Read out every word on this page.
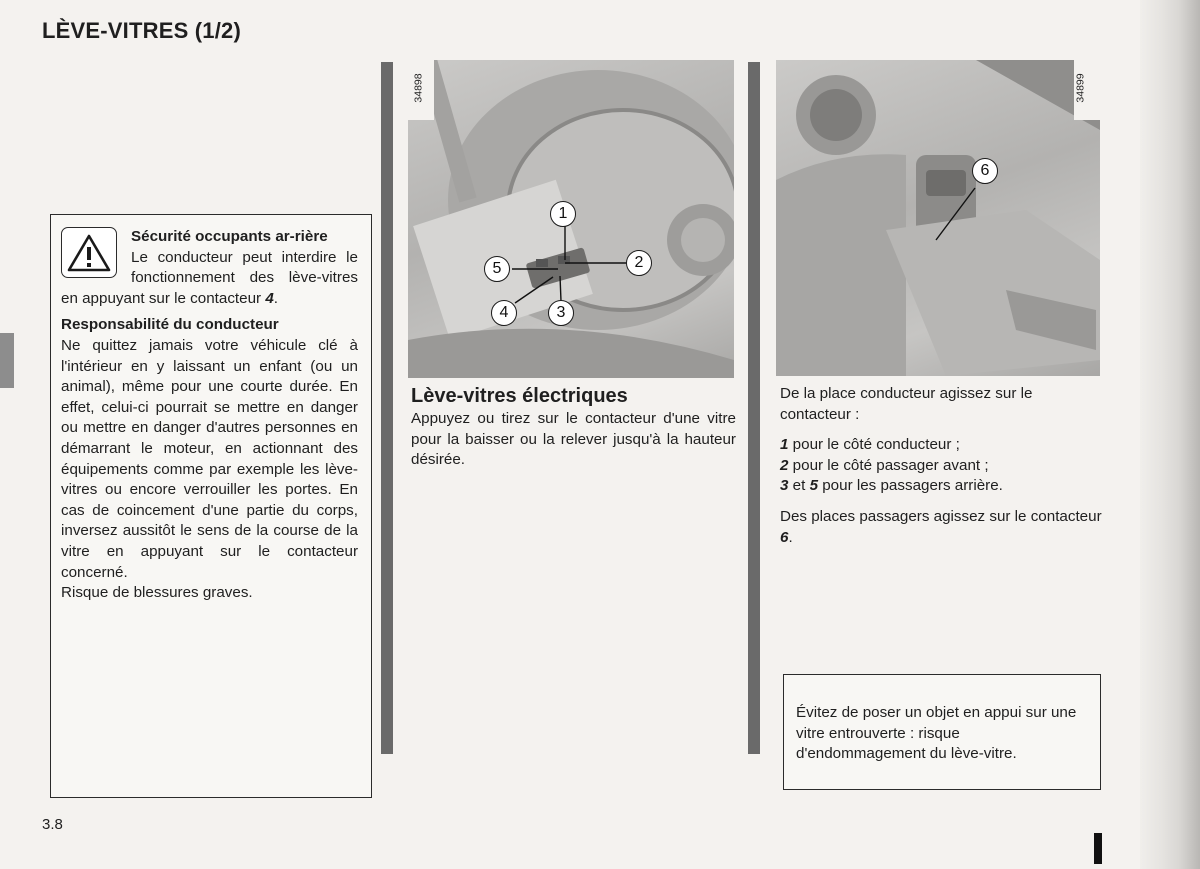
LÈVE-VITRES (1/2)
Sécurité occupants ar-rière
Le conducteur peut interdire le fonctionnement des lève-vitres en appuyant sur le contacteur 4.
Responsabilité du conducteur
Ne quittez jamais votre véhicule clé à l'intérieur en y laissant un enfant (ou un animal), même pour une courte durée. En effet, celui-ci pourrait se mettre en danger ou mettre en danger d'autres personnes en démarrant le moteur, en actionnant des équipements comme par exemple les lève-vitres ou encore verrouiller les portes. En cas de coincement d'une partie du corps, inversez aussitôt le sens de la course de la vitre en appuyant sur le contacteur concerné.
Risque de blessures graves.
34898
1
2
3
4
5
34899
6
Lève-vitres électriques
Appuyez ou tirez sur le contacteur d'une vitre pour la baisser ou la relever jusqu'à la hauteur désirée.

De la place conducteur agissez sur le contacteur :

1 pour le côté conducteur ;
2 pour le côté passager avant ;
3 et 5 pour les passagers arrière.

Des places passagers agissez sur le contacteur 6.

Évitez de poser un objet en appui sur une vitre entrouverte : risque d'endommagement du lève-vitre.
3.8
